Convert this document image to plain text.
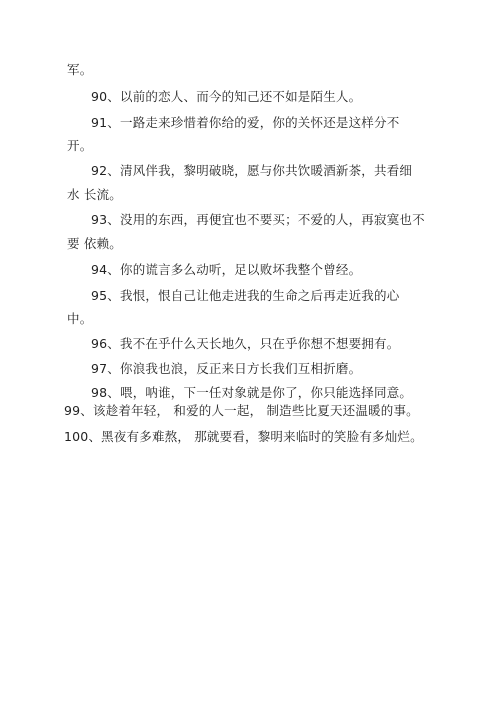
军。
90、以前的恋人、而今的知己还不如是陌生人。
91、一路走来珍惜着你给的爱，你的关怀还是这样分不
开。
92、清风伴我，黎明破晓，愿与你共饮暖酒新茶，共看细
水 长流。
93、没用的东西，再便宜也不要买；不爱的人，再寂寞也不
要 依赖。
94、你的谎言多么动听，足以败坏我整个曾经。
95、我恨，恨自己让他走进我的生命之后再走近我的心
中。
96、我不在乎什么天长地久，只在乎你想不想要拥有。
97、你浪我也浪，反正来日方长我们互相折磨。
98、喂，呐谁，下一任对象就是你了，你只能选择同意。
99、该趁着年轻， 和爱的人一起， 制造些比夏天还温暖的事。
100、黑夜有多难熬， 那就要看，黎明来临时的笑脸有多灿烂。
